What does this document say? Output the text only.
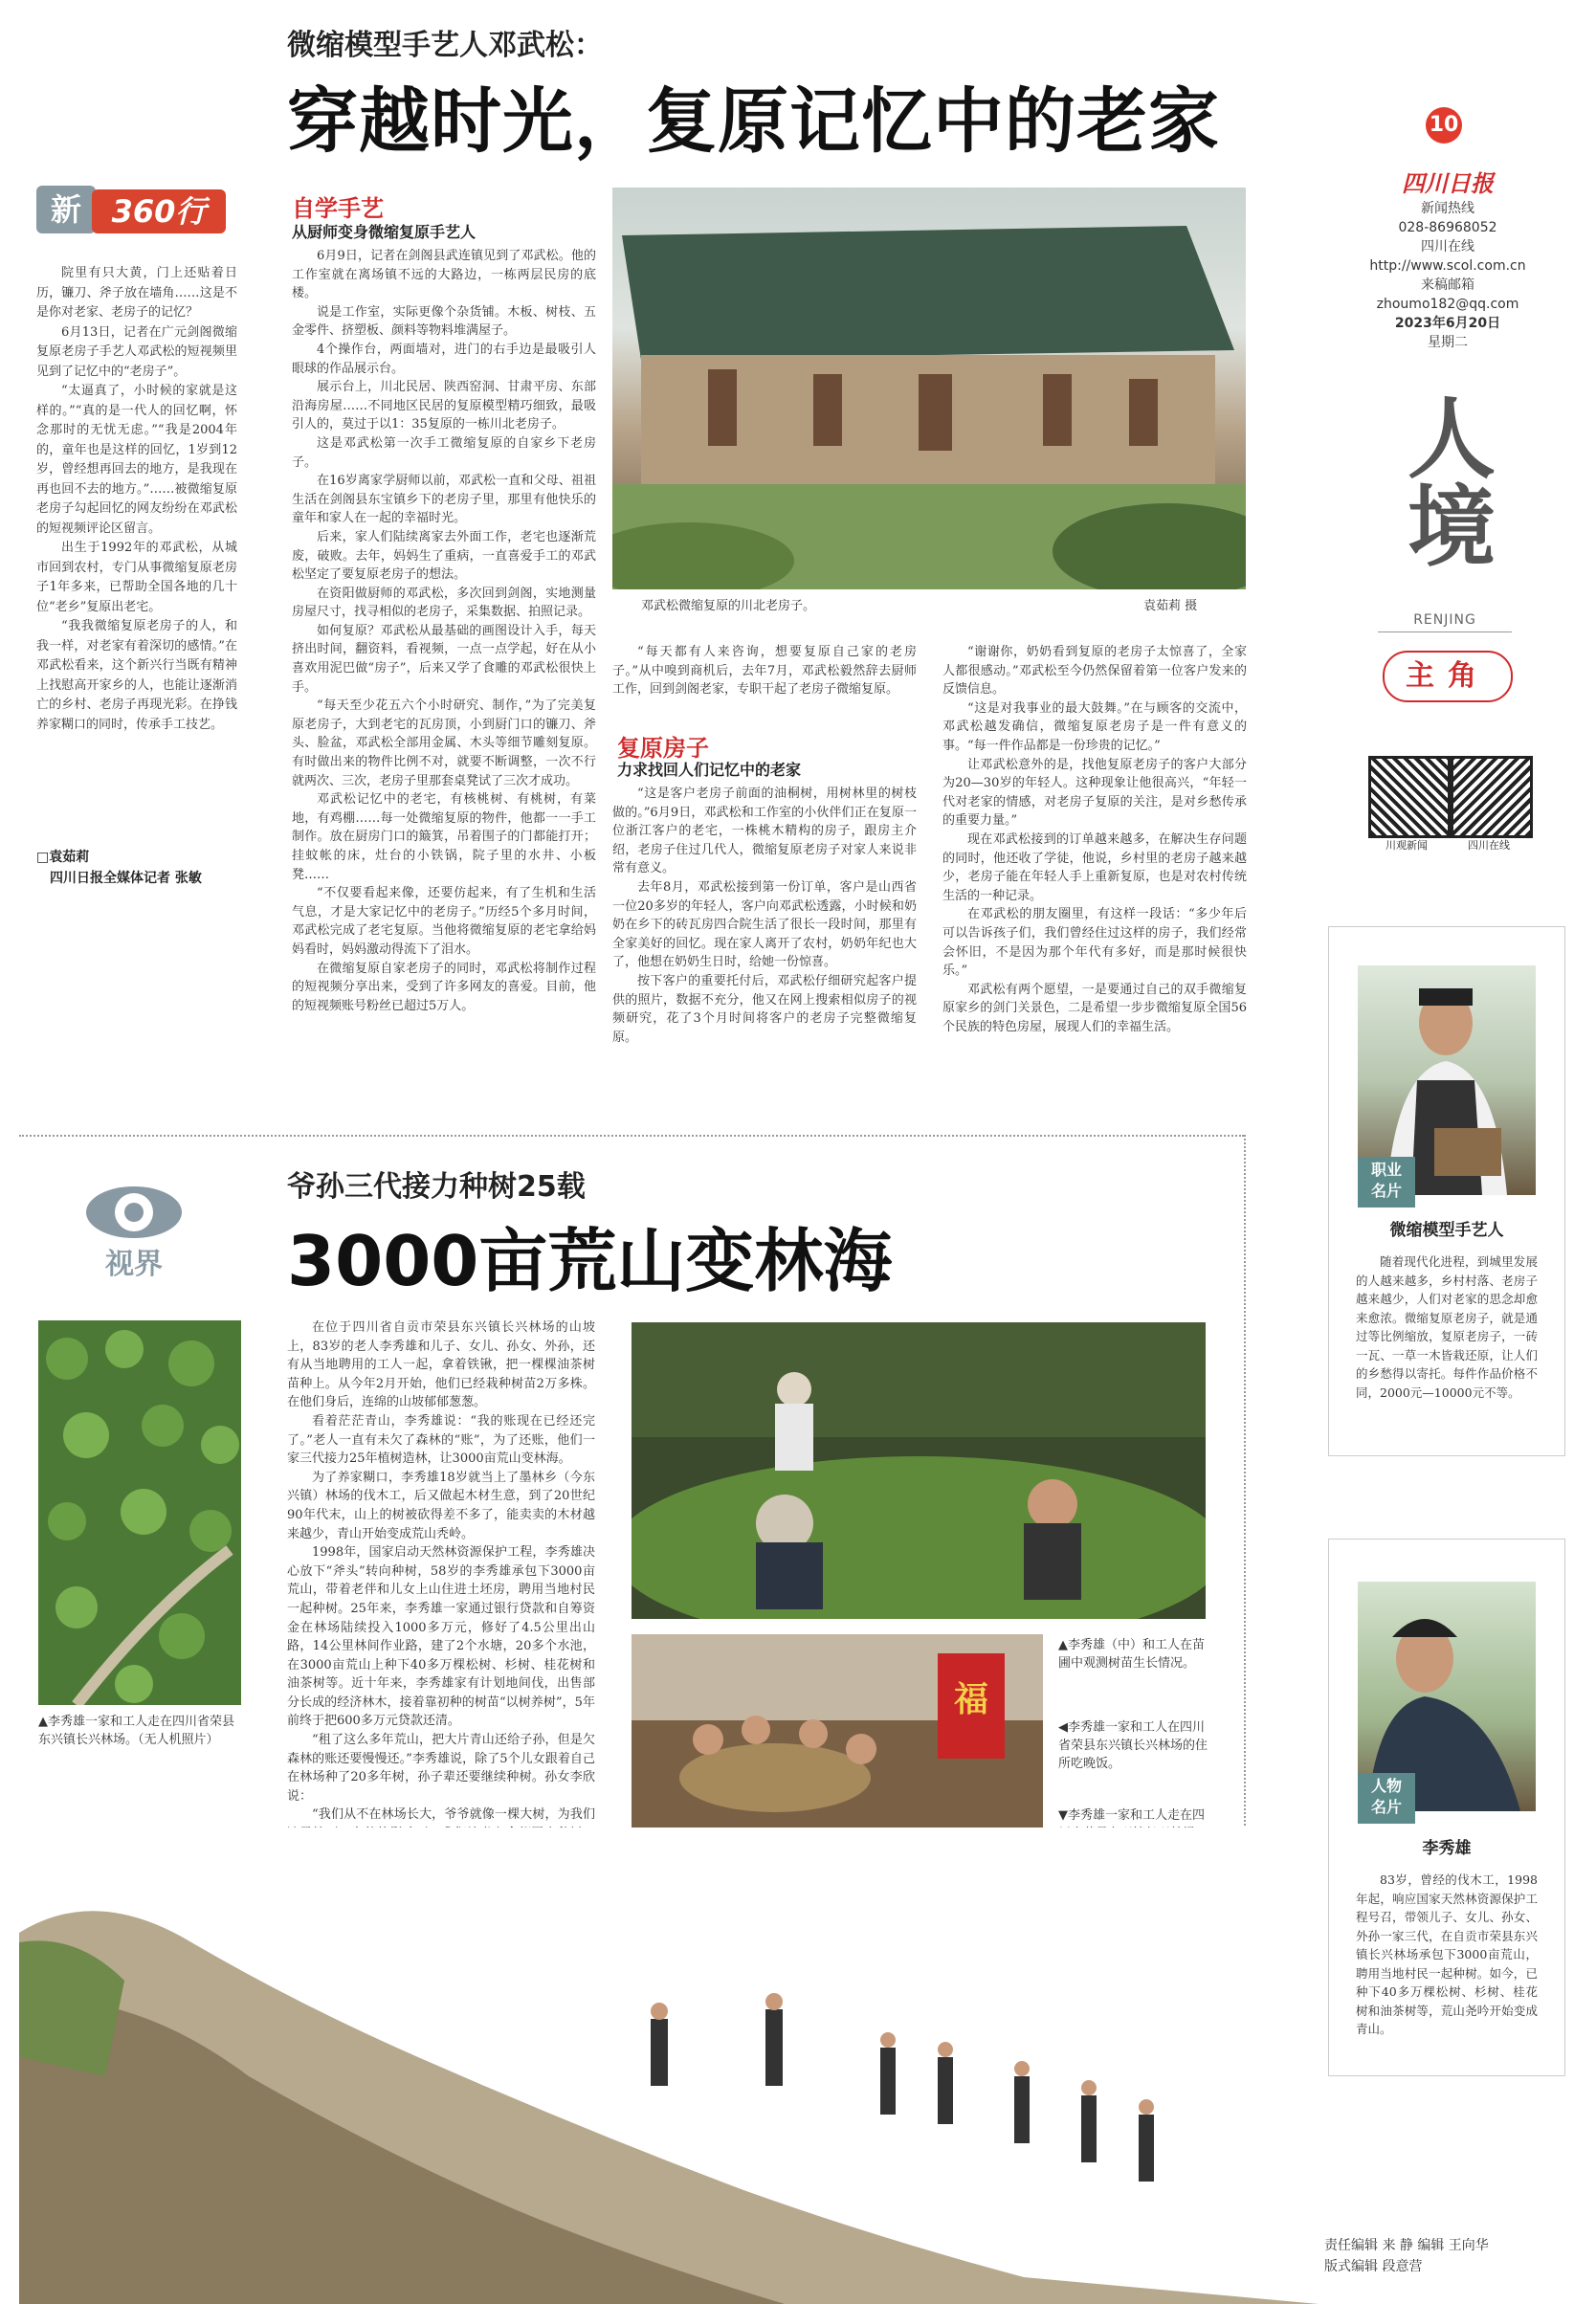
微缩模型手艺人邓武松：
穿越时光，复原记忆中的老家	10
四川日报
新闻热线
028-86968052
四川在线
http://www.scol.com.cn
来稿邮箱
zhoumo182@qq.com
2023年6月20日
星期二
人境
RENJING
主角
川观新闻	四川在线
新 360行

院里有只大黄，门上还贴着日历，镰刀、斧子放在墙角……这是不是你对老家、老房子的记忆？

6月13日，记者在广元剑阁微缩复原老房子手艺人邓武松的短视频里见到了记忆中的“老房子”。

“太逼真了，小时候的家就是这样的。”“真的是一代人的回忆啊，怀念那时的无忧无虑。”“我是2004年的，童年也是这样的回忆，1岁到12岁，曾经想再回去的地方，是我现在再也回不去的地方。”……被微缩复原老房子勾起回忆的网友纷纷在邓武松的短视频评论区留言。

出生于1992年的邓武松，从城市回到农村，专门从事微缩复原老房子1年多来，已帮助全国各地的几十位“老乡”复原出老宅。

“我我微缩复原老房子的人，和我一样，对老家有着深切的感情。”在邓武松看来，这个新兴行当既有精神上找慰高开家乡的人，也能让逐渐消亡的乡村、老房子再现光彩。在挣钱养家糊口的同时，传承手工技艺。

□袁茹莉
四川日报全媒体记者 张敏
自学手艺
从厨师变身微缩复原手艺人

6月9日，记者在剑阁县武连镇见到了邓武松。他的工作室就在离场镇不远的大路边，一栋两层民房的底楼。

说是工作室，实际更像个杂货铺。木板、树枝、五金零件、挤塑板、颜料等物料堆满屋子。

4个操作台，两面墙对，进门的右手边是最吸引人眼球的作品展示台。

展示台上，川北民居、陕西窑洞、甘肃平房、东部沿海房屋……不同地区民居的复原模型精巧细致，最吸引人的，莫过于以1：35复原的一栋川北老房子。

这是邓武松第一次手工微缩复原的自家乡下老房子。

在16岁离家学厨师以前，邓武松一直和父母、祖祖生活在剑阁县东宝镇乡下的老房子里，那里有他快乐的童年和家人在一起的幸福时光。

后来，家人们陆续离家去外面工作，老宅也逐渐荒废，破败。去年，妈妈生了重病，一直喜爱手工的邓武松坚定了要复原老房子的想法。

在资阳做厨师的邓武松，多次回到剑阁，实地测量房屋尺寸，找寻相似的老房子，采集数据、拍照记录。

如何复原？邓武松从最基础的画图设计入手，每天挤出时间，翻资料，看视频，一点一点学起，好在从小喜欢用泥巴做“房子”，后来又学了食雕的邓武松很快上手。

“每天至少花五六个小时研究、制作，”为了完美复原老房子，大到老宅的瓦房顶，小到厨门口的镰刀、斧头、脸盆，邓武松全部用金属、木头等细节雕刻复原。有时做出来的物件比例不对，就要不断调整，一次不行就两次、三次，老房子里那套桌凳试了三次才成功。

邓武松记忆中的老宅，有核桃树、有桃树，有菜地，有鸡棚……每一处微缩复原的物件，他都一一手工制作。放在厨房门口的簸箕，吊着围子的门都能打开；挂蚊帐的床，灶台的小铁锅，院子里的水井、小板凳……

“不仅要看起来像，还要仿起来，有了生机和生活气息，才是大家记忆中的老房子。”历经5个多月时间，邓武松完成了老宅复原。当他将微缩复原的老宅拿给妈妈看时，妈妈激动得流下了泪水。

在微缩复原自家老房子的同时，邓武松将制作过程的短视频分享出来，受到了许多网友的喜爱。目前，他的短视频账号粉丝已超过5万人。

邓武松微缩复原的川北老房子。	袁茹莉 摄

“每天都有人来咨询，想要复原自己家的老房子。”从中嗅到商机后，去年7月，邓武松毅然辞去厨师工作，回到剑阁老家，专职干起了老房子微缩复原。

复原房子
力求找回人们记忆中的老家

“这是客户老房子前面的油桐树，用树林里的树枝做的。”6月9日，邓武松和工作室的小伙伴们正在复原一位浙江客户的老宅，一株桃木精构的房子，跟房主介绍，老房子住过几代人，微缩复原老房子对家人来说非常有意义。

去年8月，邓武松接到第一份订单，客户是山西省一位20多岁的年轻人，客户向邓武松透露，小时候和奶奶在乡下的砖瓦房四合院生活了很长一段时间，那里有全家美好的回忆。现在家人离开了农村，奶奶年纪也大了，他想在奶奶生日时，给她一份惊喜。

按下客户的重要托付后，邓武松仔细研究起客户提供的照片，数据不充分，他又在网上搜索相似房子的视频研究，花了3个月时间将客户的老房子完整微缩复原。

“谢谢你，奶奶看到复原的老房子太惊喜了，全家人都很感动。”邓武松至今仍然保留着第一位客户发来的反馈信息。

“这是对我事业的最大鼓舞。”在与顾客的交流中，邓武松越发确信，微缩复原老房子是一件有意义的事。“每一件作品都是一份珍贵的记忆。”

让邓武松意外的是，找他复原老房子的客户大部分为20—30岁的年轻人。这种现象让他很高兴，“年轻一代对老家的情感，对老房子复原的关注，是对乡愁传承的重要力量。”

现在邓武松接到的订单越来越多，在解决生存问题的同时，他还收了学徒，他说，乡村里的老房子越来越少，老房子能在年轻人手上重新复原，也是对农村传统生活的一种记录。

在邓武松的朋友圈里，有这样一段话：“多少年后可以告诉孩子们，我们曾经住过这样的房子，我们经常会怀旧，不是因为那个年代有多好，而是那时候很快乐。”

邓武松有两个愿望，一是要通过自己的双手微缩复原家乡的剑门关景色，二是希望一步步微缩复原全国56个民族的特色房屋，展现人们的幸福生活。

职业
名片
微缩模型手艺人

随着现代化进程，到城里发展的人越来越多，乡村村落、老房子越来越少，人们对老家的思念却愈来愈浓。微缩复原老房子，就是通过等比例缩放，复原老房子，一砖一瓦、一草一木皆栽还原，让人们的乡愁得以寄托。每件作品价格不同，2000元—10000元不等。

视界
爷孙三代接力种树25载
3000亩荒山变林海
▲李秀雄一家和工人走在四川省荣县东兴镇长兴林场。（无人机照片）

在位于四川省自贡市荣县东兴镇长兴林场的山坡上，83岁的老人李秀雄和儿子、女儿、孙女、外孙，还有从当地聘用的工人一起，拿着铁锹，把一棵棵油茶树苗种上。从今年2月开始，他们已经栽种树苗2万多株。在他们身后，连绵的山坡郁郁葱葱。

看着茫茫青山，李秀雄说：“我的账现在已经还完了。”老人一直有未欠了森林的“账”，为了还账，他们一家三代接力25年植树造林，让3000亩荒山变林海。

为了养家糊口，李秀雄18岁就当上了墨林乡（今东兴镇）林场的伐木工，后又做起木材生意，到了20世纪90年代末，山上的树被砍得差不多了，能卖卖的木材越来越少，青山开始变成荒山秃岭。

1998年，国家启动天然林资源保护工程，李秀雄决心放下“斧头”转向种树，58岁的李秀雄承包下3000亩荒山，带着老伴和儿女上山住进土坯房，聘用当地村民一起种树。25年来，李秀雄一家通过银行贷款和自筹资金在林场陆续投入1000多万元，修好了4.5公里出山路，14公里林间作业路，建了2个水塘，20多个水池，在3000亩荒山上种下40多万棵松树、杉树、桂花树和油茶树等。近十年来，李秀雄家有计划地间伐，出售部分长成的经济林木，接着靠初种的树苗“以树养树”，5年前终于把600多万元贷款还清。

“租了这么多年荒山，把大片青山还给子孙，但是欠森林的账还要慢慢还。”李秀雄说，除了5个儿女跟着自己在林场种了20多年树，孙子辈还要继续种树。孙女李欣说：

“我们从不在林场长大，爷爷就像一棵大树，为我们

福
▲李秀雄（中）和工人在苗圃中观测树苗生长情况。
◀李秀雄一家和工人在四川省荣县东兴镇长兴林场的住所吃晚饭。
▼李秀雄一家和工人走在四
人物
名片
李秀雄

83岁，曾经的伐木工，1998年起，响应国家天然林资源保护工程号召，带领儿子、女儿、孙女、外孙一家三代，在自贡市荣县东兴镇长兴林场承包下3000亩荒山，聘用当地村民一起种树。如今，已种下40多万棵松树、杉树、桂花树和油茶树等，荒山尧吟开始变成青山。

责任编辑 来 静 编辑 王向华
版式编辑 段意营
